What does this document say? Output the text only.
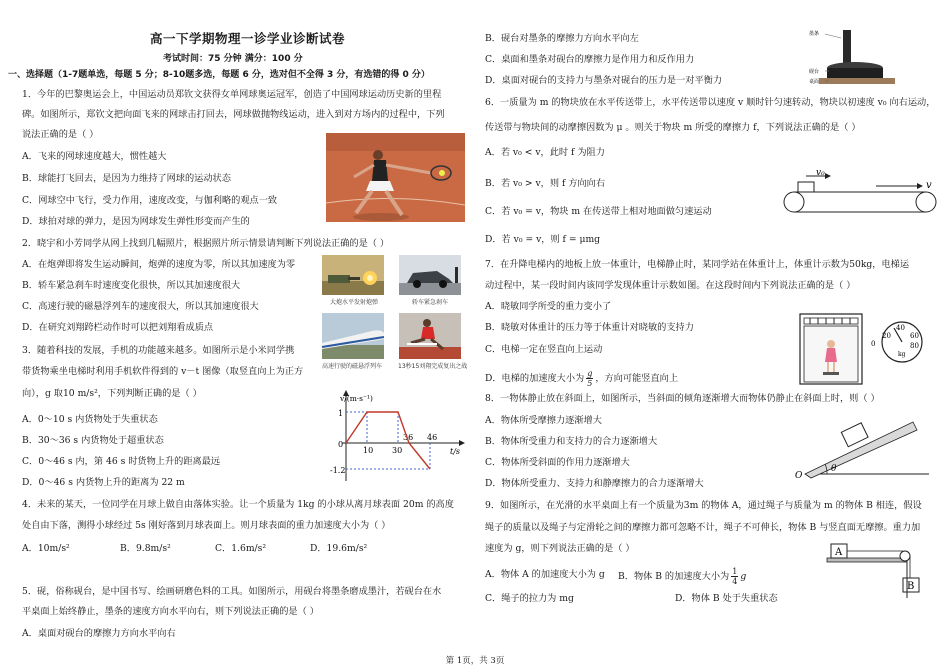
高一下学期物理一诊学业诊断试卷
考试时间：75 分钟 满分：100 分
一、选择题（1-7题单选，每题 5 分；8-10题多选，每题 6 分，选对但不全得 3 分，有选错的得 0 分）
1．今年的巴黎奥运会上，中国运动员郑钦文获得女单网球奥运冠军，创造了中国网球运动历史新的里程
碑。如图所示，郑钦文把向面飞来的网球击打回去，网球做抛物线运动，进入到对方场内的过程中，下列
说法正确的是（ ）
A．飞来的网球速度越大，惯性越大
B．球能打飞回去，是因为力维持了网球的运动状态
C．网球空中飞行，受力作用，速度改变，与伽利略的观点一致
D．球拍对球的弹力，是因为网球发生弹性形变而产生的
2．晓宇和小芳同学从网上找到几幅照片，根据照片所示情景请判断下列说法正确的是（ ）
A．在炮弹即将发生运动瞬间，炮弹的速度为零，所以其加速度为零
B．轿车紧急刹车时速度变化很快，所以其加速度很大
C．高速行驶的磁悬浮列车的速度很大，所以其加速度很大
D．在研究刘翔跨栏动作时可以把刘翔看成质点
大炮水平发射炮弹	轿车紧急刹车
高速行驶的磁悬浮列车	13秒15刘翔完成复出之战
3．随着科技的发展，手机的功能越来越多。如图所示是小米同学携
带货物乘坐电梯时利用手机软件得到的 v－t 图像（取竖直向上为正方
向），g 取10 m/s²，下列判断正确的是（ ）
A．0～10 s 内货物处于失重状态
B．30～36 s 内货物处于超重状态
C．0～46 s 内，第 46 s 时货物上升的距离最远
D．0～46 s 内货物上升的距离为 22 m
v/(m·s⁻¹)
t/s
1
0
-1.2
10 30
36 46
4．未来的某天，一位同学在月球上做自由落体实验。让一个质量为 1kg 的小球从离月球表面 20m 的高度
处自由下落，测得小球经过 5s 刚好落到月球表面上。则月球表面的重力加速度大小为（ ）
A．10m/s²	B．9.8m/s²	C．1.6m/s²	D．19.6m/s²
5．砚，俗称砚台，是中国书写、绘画研磨色料的工具。如图所示，用砚台将墨条磨成墨汁，若砚台在水
平桌面上始终静止，墨条的速度方向水平向右，则下列说法正确的是（ ）
A．桌面对砚台的摩擦力方向水平向右
B．砚台对墨条的摩擦力方向水平向左
C．桌面和墨条对砚台的摩擦力是作用力和反作用力
D．桌面对砚台的支持力与墨条对砚台的压力是一对平衡力
墨条
砚台
桌面
6．一质量为 m 的物块放在水平传送带上，水平传送带以速度 v 顺时针匀速转动，物块以初速度 v₀ 向右运动，
传送带与物块间的动摩擦因数为 μ 。则关于物块 m 所受的摩擦力 f，下列说法正确的是（ ）
A．若 v₀ < v，此时 f 为阻力
B．若 v₀ > v，则 f 方向向右
C．若 v₀ = v，物块 m 在传送带上相对地面做匀速运动
D．若 v₀ = v，则 f = μmg
v₀
v
7．在升降电梯内的地板上放一体重计，电梯静止时，某同学站在体重计上，体重计示数为50kg，电梯运
动过程中，某一段时间内该同学发现体重计示数如图。在这段时间内下列说法正确的是（ ）
A．晓敏同学所受的重力变小了
B．晓敏对体重计的压力等于体重计对晓敏的支持力
C．电梯一定在竖直向上运动
D．电梯的加速度大小为 $\frac{g}{5}$ ，方向可能竖直向上
40
20	60
0	80
kg
8．一物体静止放在斜面上，如图所示，当斜面的倾角逐渐增大而物体仍静止在斜面上时，则（ ）
A．物体所受摩擦力逐渐增大
B．物体所受重力和支持力的合力逐渐增大
C．物体所受斜面的作用力逐渐增大
D．物体所受重力、支持力和静摩擦力的合力逐渐增大
O
θ
9．如图所示，在光滑的水平桌面上有一个质量为3m 的物体 A，通过绳子与质量为 m 的物体 B 相连，假设
绳子的质量以及绳子与定滑轮之间的摩擦力都可忽略不计，绳子不可伸长，物体 B 与竖直面无摩擦。重力加
速度为 g，则下列说法正确的是（ ）
A．物体 A 的加速度大小为 g B．物体 B 的加速度大小为 $\frac{1}{4}$ g
C．绳子的拉力为 mg	D．物体 B 处于失重状态
A
B
第 1页，共 3页
